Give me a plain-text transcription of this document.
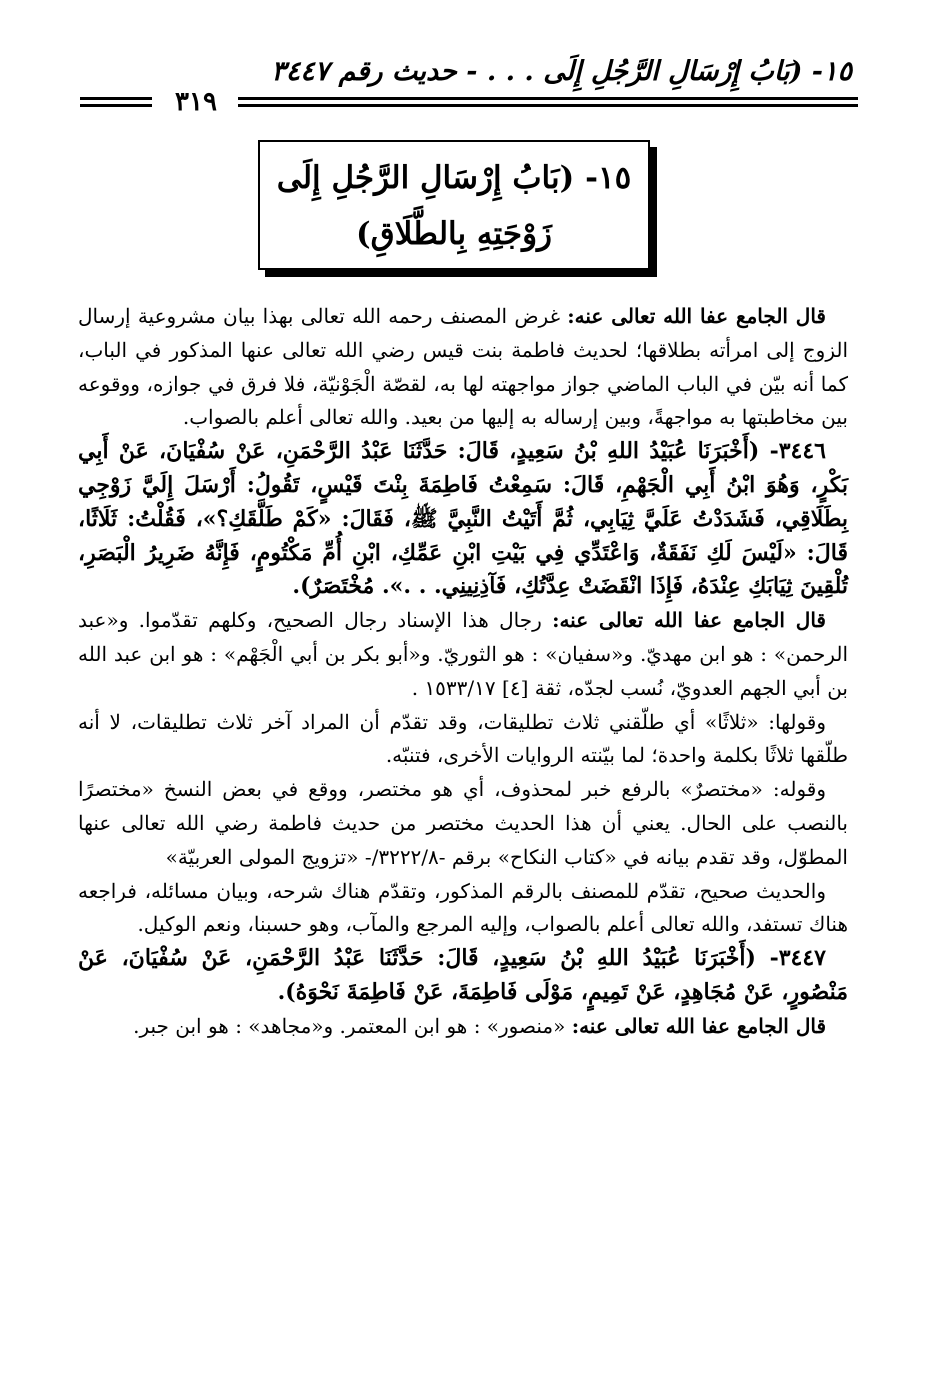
١٥- (بَابُ إِرْسَالِ الرَّجُلِ إِلَى . . . - حديث رقم ٣٤٤٧
٣١٩
١٥- (بَابُ إِرْسَالِ الرَّجُلِ إِلَى
زَوْجَتِهِ بِالطَّلَاقِ)

قال الجامع عفا الله تعالى عنه: غرض المصنف رحمه الله تعالى بهذا بيان مشروعية إرسال الزوج إلى امرأته بطلاقها؛ لحديث فاطمة بنت قيس رضي الله تعالى عنها المذكور في الباب، كما أنه بيّن في الباب الماضي جواز مواجهته لها به، لقصّة الْجَوْنيّة، فلا فرق في جوازه، ووقوعه بين مخاطبتها به مواجهةً، وبين إرساله به إليها من بعيد. والله تعالى أعلم بالصواب.

٣٤٤٦- (أَخْبَرَنَا عُبَيْدُ اللهِ بْنُ سَعِيدٍ، قَالَ: حَدَّثَنَا عَبْدُ الرَّحْمَنِ، عَنْ سُفْيَانَ، عَنْ أَبِي بَكْرٍ، وَهُوَ ابْنُ أَبِي الْجَهْمِ، قَالَ: سَمِعْتُ فَاطِمَةَ بِنْتَ قَيْسٍ، تَقُولُ: أَرْسَلَ إِلَيَّ زَوْجِي بِطَلَاقِي، فَشَدَدْتُ عَلَيَّ ثِيَابِي، ثُمَّ أَتَيْتُ النَّبِيَّ ﷺ، فَقَالَ: «كَمْ طَلَّقَكِ؟»، فَقُلْتُ: ثَلَاثًا، قَالَ: «لَيْسَ لَكِ نَفَقَةٌ، وَاعْتَدِّي فِي بَيْتِ ابْنِ عَمِّكِ، ابْنِ أُمِّ مَكْتُومٍ، فَإِنَّهُ ضَرِيرُ الْبَصَرِ، تُلْقِينَ ثِيَابَكِ عِنْدَهُ، فَإِذَا انْقَضَتْ عِدَّتُكِ، فَآذِنِينِي. . .». مُخْتَصَرٌ).

قال الجامع عفا الله تعالى عنه: رجال هذا الإسناد رجال الصحيح، وكلهم تقدّموا. و«عبد الرحمن» : هو ابن مهديّ. و«سفيان» : هو الثوريّ. و«أبو بكر بن أبي الْجَهْم» : هو ابن عبد الله بن أبي الجهم العدويّ، نُسب لجدّه، ثقة [٤] ١٥٣٣/١٧ .

وقولها: «ثلاثًا» أي طلّقني ثلاث تطليقات، وقد تقدّم أن المراد آخر ثلاث تطليقات، لا أنه طلّقها ثلاثًا بكلمة واحدة؛ لما بيّنته الروايات الأخرى، فتنبّه.

وقوله: «مختصرٌ» بالرفع خبر لمحذوف، أي هو مختصر، ووقع في بعض النسخ «مختصرًا بالنصب على الحال. يعني أن هذا الحديث مختصر من حديث فاطمة رضي الله تعالى عنها المطوّل، وقد تقدم بيانه في «كتاب النكاح» برقم -٣٢٢٢/٨/- «تزويج المولى العربيّة»

والحديث صحيح، تقدّم للمصنف بالرقم المذكور، وتقدّم هناك شرحه، وبيان مسائله، فراجعه هناك تستفد، والله تعالى أعلم بالصواب، وإليه المرجع والمآب، وهو حسبنا، ونعم الوكيل.

٣٤٤٧- (أَخْبَرَنَا عُبَيْدُ اللهِ بْنُ سَعِيدٍ، قَالَ: حَدَّثَنَا عَبْدُ الرَّحْمَنِ، عَنْ سُفْيَانَ، عَنْ مَنْصُورٍ، عَنْ مُجَاهِدٍ، عَنْ تَمِيمٍ، مَوْلَى فَاطِمَةَ، عَنْ فَاطِمَةَ نَحْوَهُ).

قال الجامع عفا الله تعالى عنه: «منصور» : هو ابن المعتمر. و«مجاهد» : هو ابن جبر.
